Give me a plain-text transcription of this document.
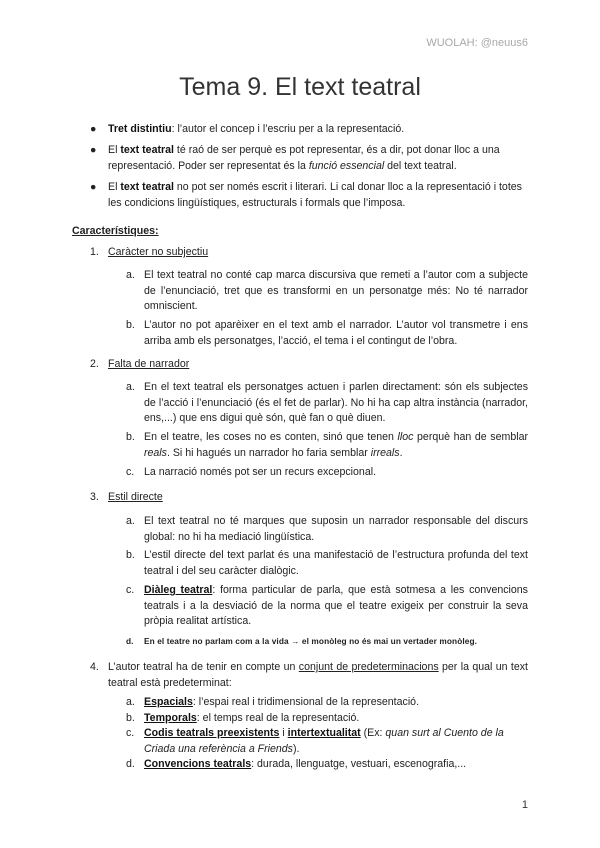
WUOLAH: @neuus6
Tema 9. El text teatral
● Tret distintiu: l’autor el concep i l’escriu per a la representació.
● El text teatral té raó de ser perquè es pot representar, és a dir, pot donar lloc a una representació. Poder ser representat és la funció essencial del text teatral.
● El text teatral no pot ser només escrit i literari. Li cal donar lloc a la representació i totes les condicions lingüístiques, estructurals i formals que l’imposa.
Característiques:
1. Caràcter no subjectiu
a. El text teatral no conté cap marca discursiva que remeti a l’autor com a subjecte de l’enunciació, tret que es transformi en un personatge més: No té narrador omniscient.
b. L’autor no pot aparèixer en el text amb el narrador. L’autor vol transmetre i ens arriba amb els personatges, l’acció, el tema i el contingut de l’obra.
2. Falta de narrador
a. En el text teatral els personatges actuen i parlen directament: són els subjectes de l’acció i l’enunciació (és el fet de parlar). No hi ha cap altra instància (narrador, ens,...) que ens digui què són, què fan o què diuen.
b. En el teatre, les coses no es conten, sinó que tenen lloc perquè han de semblar reals. Si hi hagués un narrador ho faria semblar irreals.
c. La narració només pot ser un recurs excepcional.
3. Estil directe
a. El text teatral no té marques que suposin un narrador responsable del discurs global: no hi ha mediació lingüística.
b. L’estil directe del text parlat és una manifestació de l’estructura profunda del text teatral i del seu caràcter dialògic.
c. Diàleg teatral: forma particular de parla, que està sotmesa a les convencions teatrals i a la desviació de la norma que el teatre exigeix per construir la seva pròpia realitat artística.
d. En el teatre no parlam com a la vida → el monòleg no és mai un vertader monòleg.
4. L’autor teatral ha de tenir en compte un conjunt de predeterminacions per la qual un text teatral està predeterminat:
a. Espacials: l’espai real i tridimensional de la representació.
b. Temporals: el temps real de la representació.
c. Codis teatrals preexistents i intertextualitat (Ex: quan surt al Cuento de la Criada una referència a Friends).
d. Convencions teatrals: durada, llenguatge, vestuari, escenografia,...
1
